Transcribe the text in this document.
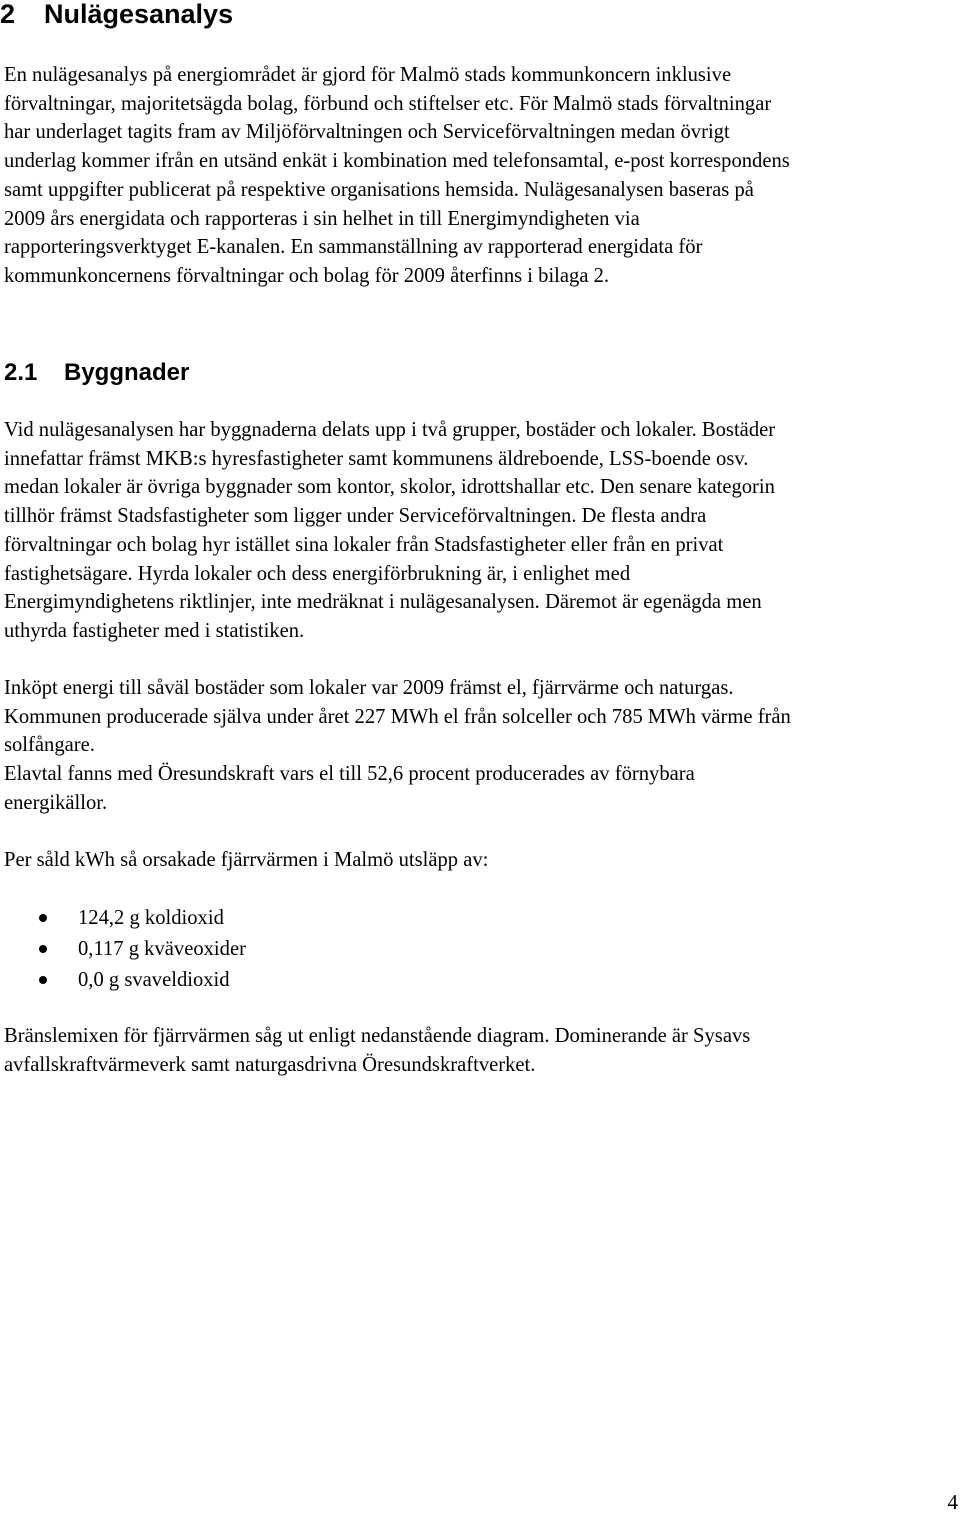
2 Nulägesanalys

En nulägesanalys på energiområdet är gjord för Malmö stads kommunkoncern inklusive
förvaltningar, majoritetsägda bolag, förbund och stiftelser etc. För Malmö stads förvaltningar
har underlaget tagits fram av Miljöförvaltningen och Serviceförvaltningen medan övrigt
underlag kommer ifrån en utsänd enkät i kombination med telefonsamtal, e-post korrespondens
samt uppgifter publicerat på respektive organisations hemsida. Nulägesanalysen baseras på
2009 års energidata och rapporteras i sin helhet in till Energimyndigheten via
rapporteringsverktyget E-kanalen. En sammanställning av rapporterad energidata för
kommunkoncernens förvaltningar och bolag för 2009 återfinns i bilaga 2.

2.1 Byggnader

Vid nulägesanalysen har byggnaderna delats upp i två grupper, bostäder och lokaler. Bostäder
innefattar främst MKB:s hyresfastigheter samt kommunens äldreboende, LSS-boende osv.
medan lokaler är övriga byggnader som kontor, skolor, idrottshallar etc. Den senare kategorin
tillhör främst Stadsfastigheter som ligger under Serviceförvaltningen. De flesta andra
förvaltningar och bolag hyr istället sina lokaler från Stadsfastigheter eller från en privat
fastighetsägare. Hyrda lokaler och dess energiförbrukning är, i enlighet med
Energimyndighetens riktlinjer, inte medräknat i nulägesanalysen. Däremot är egenägda men
uthyrda fastigheter med i statistiken.

Inköpt energi till såväl bostäder som lokaler var 2009 främst el, fjärrvärme och naturgas.
Kommunen producerade själva under året 227 MWh el från solceller och 785 MWh värme från
solfångare.
Elavtal fanns med Öresundskraft vars el till 52,6 procent producerades av förnybara
energikällor.

Per såld kWh så orsakade fjärrvärmen i Malmö utsläpp av:

124,2 g koldioxid
0,117 g kväveoxider
0,0 g svaveldioxid

Bränslemixen för fjärrvärmen såg ut enligt nedanstående diagram. Dominerande är Sysavs
avfallskraftvärmeverk samt naturgasdrivna Öresundskraftverket.

4
